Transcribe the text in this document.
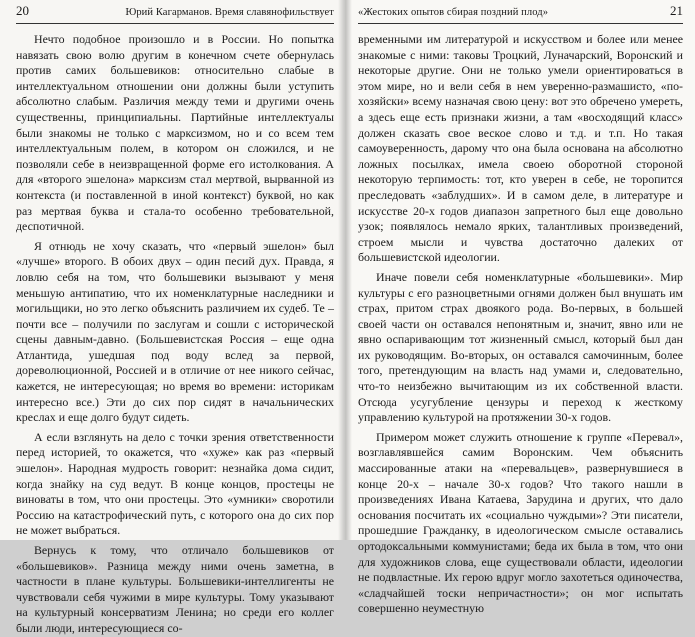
20	Юрий Кагарманов. Время славянофильствует

Нечто подобное произошло и в России. Но попытка навязать свою волю другим в конечном счете обернулась против самих большевиков: относительно слабые в интеллектуальном отношении они должны были уступить абсолютно слабым. Различия между теми и другими очень существенны, принципиальны. Партийные интеллектуалы были знакомы не только с марксизмом, но и со всем тем интеллектуальным полем, в котором он сложился, и не позволяли себе в неизвращенной форме его истолкования. А для «второго эшелона» марксизм стал мертвой, вырванной из контекста (и поставленной в иной контекст) буквой, но как раз мертвая буква и стала-то особенно требовательной, деспотичной.

Я отнюдь не хочу сказать, что «первый эшелон» был «лучше» второго. В обоих двух – один песий дух. Правда, я ловлю себя на том, что большевики вызывают у меня меньшую антипатию, что их номенклатурные наследники и могильщики, но это легко объяснить различием их судеб. Те – почти все – получили по заслугам и сошли с исторической сцены давным-давно. (Большевистская Россия – еще одна Атлантида, ушедшая под воду вслед за первой, дореволюционной, Россией и в отличие от нее никого сейчас, кажется, не интересующая; но время во времени: историкам интересно все.) Эти до сих пор сидят в начальнических креслах и еще долго будут сидеть.

А если взглянуть на дело с точки зрения ответственности перед историей, то окажется, что «хуже» как раз «первый эшелон». Народная мудрость говорит: незнайка дома сидит, когда знайку на суд ведут. В конце концов, простецы не виноваты в том, что они простецы. Это «умники» своротили Россию на катастрофический путь, с которого она до сих пор не может выбраться.

Вернусь к тому, что отличало большевиков от «большевиков». Разница между ними очень заметна, в частности в плане культуры. Большевики-интеллигенты не чувствовали себя чужими в мире культуры. Тому указывают на культурный консерватизм Ленина; но среди его коллег были люди, интересующиеся со-

«Жестоких опытов сбирая поздний плод»	21

временными им литературой и искусством и более или менее знакомые с ними: таковы Троцкий, Луначарский, Воронский и некоторые другие. Они не только умели ориентироваться в этом мире, но и вели себя в нем уверенно-размашисто, «по-хозяйски» всему назначая свою цену: вот это обречено умереть, а здесь еще есть признаки жизни, а там «восходящий класс» должен сказать свое веское слово и т.д. и т.п. Но такая самоуверенность, дарому что она была основана на абсолютно ложных посылках, имела своею оборотной стороной некоторую терпимость: тот, кто уверен в себе, не торопится преследовать «заблудших». И в самом деле, в литературе и искусстве 20-х годов диапазон запретного был еще довольно узок; появлялось немало ярких, талантливых произведений, строем мысли и чувства достаточно далеких от большевистской идеологии.

Иначе повели себя номенклатурные «большевики». Мир культуры с его разноцветными огнями должен был внушать им страх, притом страх двоякого рода. Во-первых, в большей своей части он оставался непонятным и, значит, явно или не явно оспаривающим тот жизненный смысл, который был дан их руководящим. Во-вторых, он оставался самочинным, более того, претендующим на власть над умами и, следовательно, что-то неизбежно вычитающим из их собственной власти. Отсюда усугубление цензуры и переход к жесткому управлению культурой на протяжении 30-х годов.

Примером может служить отношение к группе «Перевал», возглавлявшейся самим Воронским. Чем объяснить массированные атаки на «перевальцев», развернувшиеся в конце 20-х – начале 30-х годов? Что такого нашли в произведениях Ивана Катаева, Зарудина и других, что дало основания посчитать их «социально чуждыми»? Эти писатели, прошедшие Гражданку, в идеологическом смысле оставались ортодоксальными коммунистами; беда их была в том, что они для художников слова, еще существовали области, идеологии не подвластные. Их герою вдруг могло захотеться одиночества, «сладчайшей тоски непричастности»; он мог испытать совершенно неуместную
